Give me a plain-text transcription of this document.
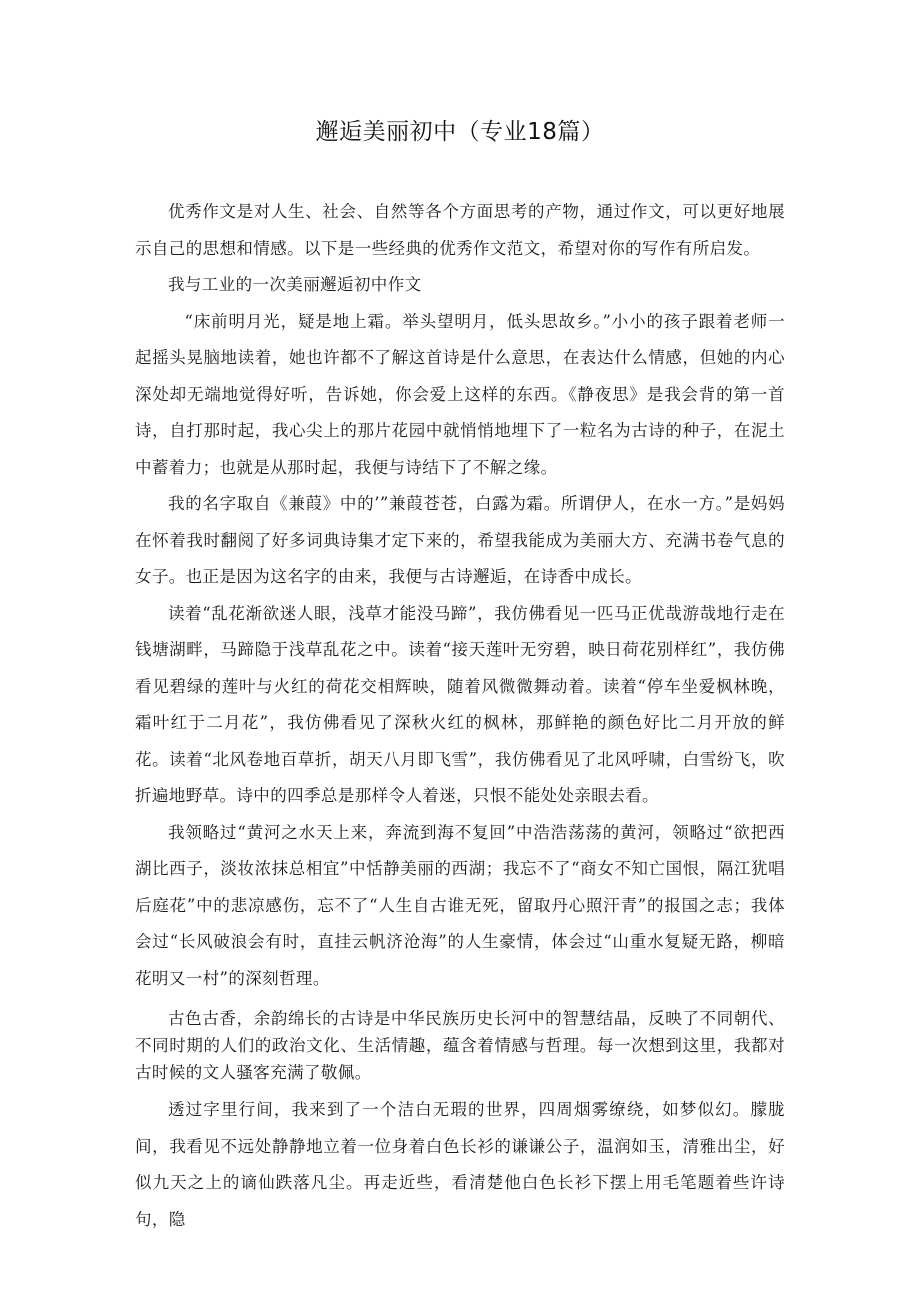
邂逅美丽初中（专业18篇）

优秀作文是对人生、社会、自然等各个方面思考的产物，通过作文，可以更好地展示自己的思想和情感。以下是一些经典的优秀作文范文，希望对你的写作有所启发。

我与工业的一次美丽邂逅初中作文

“床前明月光，疑是地上霜。举头望明月，低头思故乡。”小小的孩子跟着老师一起摇头晃脑地读着，她也许都不了解这首诗是什么意思，在表达什么情感，但她的内心深处却无端地觉得好听，告诉她，你会爱上这样的东西。《静夜思》是我会背的第一首诗，自打那时起，我心尖上的那片花园中就悄悄地埋下了一粒名为古诗的种子，在泥土中蓄着力；也就是从那时起，我便与诗结下了不解之缘。

我的名字取自《兼葭》中的’”兼葭苍苍，白露为霜。所谓伊人，在水一方。”是妈妈在怀着我时翻阅了好多词典诗集才定下来的，希望我能成为美丽大方、充满书卷气息的女子。也正是因为这名字的由来，我便与古诗邂逅，在诗香中成长。

读着“乱花渐欲迷人眼，浅草才能没马蹄”，我仿佛看见一匹马正优哉游哉地行走在钱塘湖畔，马蹄隐于浅草乱花之中。读着“接天莲叶无穷碧，映日荷花别样红”，我仿佛看见碧绿的莲叶与火红的荷花交相辉映，随着风微微舞动着。读着“停车坐爱枫林晚，霜叶红于二月花”，我仿佛看见了深秋火红的枫林，那鲜艳的颜色好比二月开放的鲜花。读着“北风卷地百草折，胡天八月即飞雪”，我仿佛看见了北风呼啸，白雪纷飞，吹折遍地野草。诗中的四季总是那样令人着迷，只恨不能处处亲眼去看。

我领略过“黄河之水天上来，奔流到海不复回”中浩浩荡荡的黄河，领略过“欲把西湖比西子，淡妆浓抹总相宜”中恬静美丽的西湖；我忘不了“商女不知亡国恨，隔江犹唱后庭花”中的悲凉感伤，忘不了“人生自古谁无死，留取丹心照汗青”的报国之志；我体会过“长风破浪会有时，直挂云帆济沧海”的人生豪情，体会过“山重水复疑无路，柳暗花明又一村”的深刻哲理。

古色古香，余韵绵长的古诗是中华民族历史长河中的智慧结晶，反映了不同朝代、不同时期的人们的政治文化、生活情趣，蕴含着情感与哲理。每一次想到这里，我都对古时候的文人骚客充满了敬佩。

透过字里行间，我来到了一个洁白无瑕的世界，四周烟雾缭绕，如梦似幻。朦胧间，我看见不远处静静地立着一位身着白色长衫的谦谦公子，温润如玉，清雅出尘，好似九天之上的谪仙跌落凡尘。再走近些，看清楚他白色长衫下摆上用毛笔题着些许诗句，隐
